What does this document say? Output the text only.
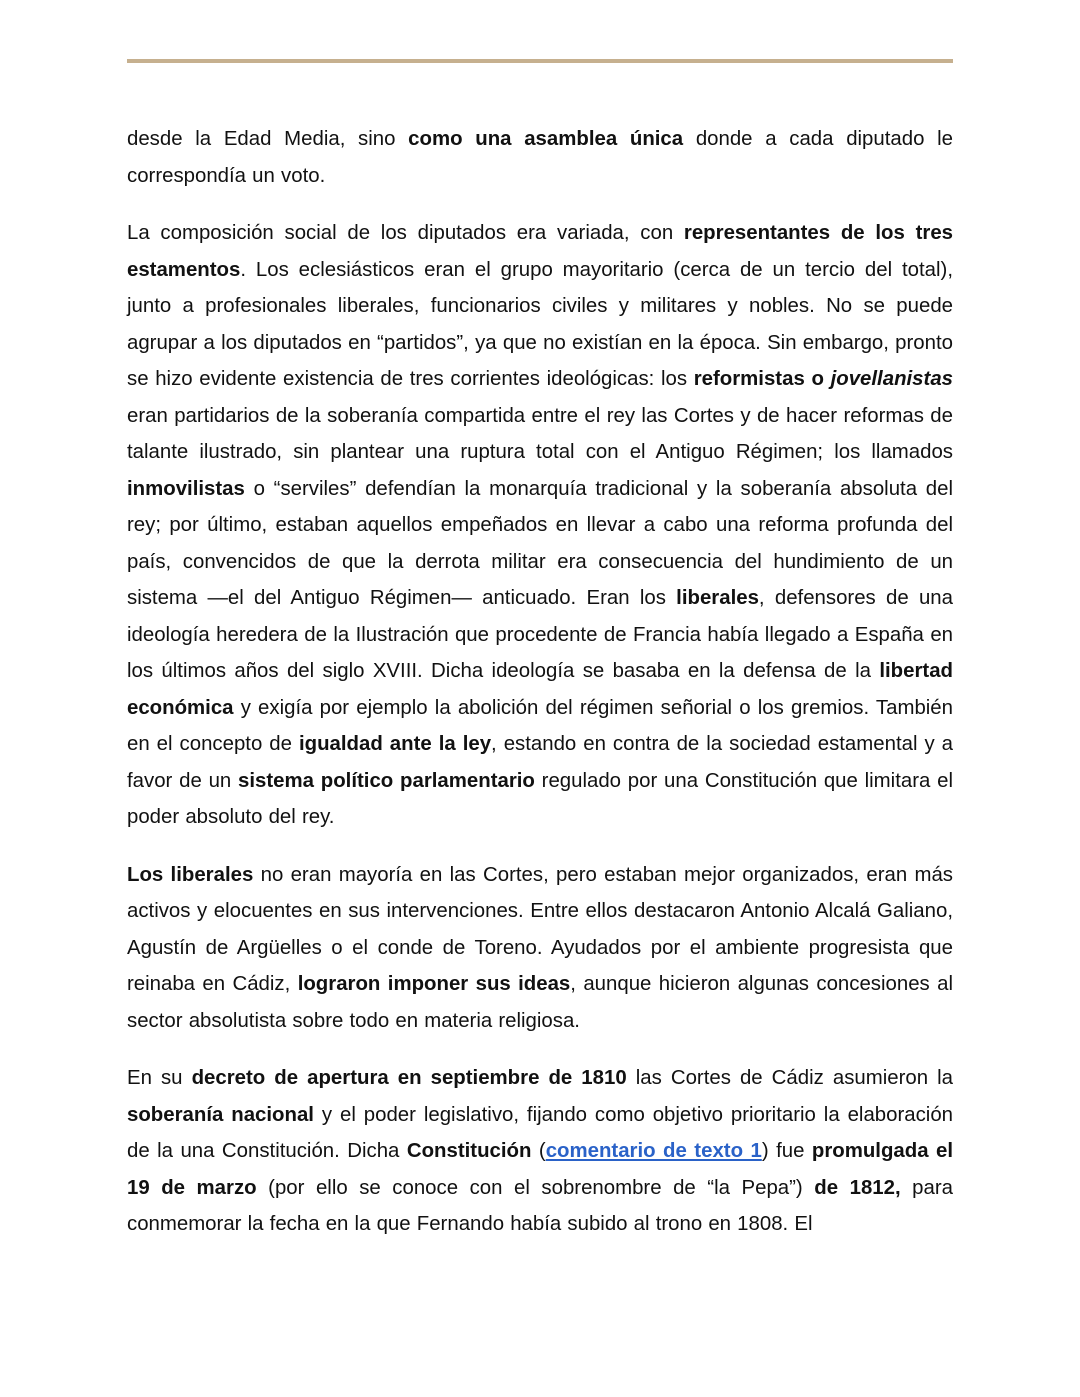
desde la Edad Media, sino como una asamblea única donde a cada diputado le correspondía un voto.

La composición social de los diputados era variada, con representantes de los tres estamentos. Los eclesiásticos eran el grupo mayoritario (cerca de un tercio del total), junto a profesionales liberales, funcionarios civiles y militares y nobles. No se puede agrupar a los diputados en “partidos”, ya que no existían en la época. Sin embargo, pronto se hizo evidente existencia de tres corrientes ideológicas: los reformistas o jovellanistas eran partidarios de la soberanía compartida entre el rey las Cortes y de hacer reformas de talante ilustrado, sin plantear una ruptura total con el Antiguo Régimen; los llamados inmovilistas o “serviles” defendían la monarquía tradicional y la soberanía absoluta del rey; por último, estaban aquellos empeñados en llevar a cabo una reforma profunda del país, convencidos de que la derrota militar era consecuencia del hundimiento de un sistema —el del Antiguo Régimen— anticuado. Eran los liberales, defensores de una ideología heredera de la Ilustración que procedente de Francia había llegado a España en los últimos años del siglo XVIII. Dicha ideología se basaba en la defensa de la libertad económica y exigía por ejemplo la abolición del régimen señorial o los gremios. También en el concepto de igualdad ante la ley, estando en contra de la sociedad estamental y a favor de un sistema político parlamentario regulado por una Constitución que limitara el poder absoluto del rey.

Los liberales no eran mayoría en las Cortes, pero estaban mejor organizados, eran más activos y elocuentes en sus intervenciones. Entre ellos destacaron Antonio Alcalá Galiano, Agustín de Argüelles o el conde de Toreno. Ayudados por el ambiente progresista que reinaba en Cádiz, lograron imponer sus ideas, aunque hicieron algunas concesiones al sector absolutista sobre todo en materia religiosa.

En su decreto de apertura en septiembre de 1810 las Cortes de Cádiz asumieron la soberanía nacional y el poder legislativo, fijando como objetivo prioritario la elaboración de la una Constitución. Dicha Constitución (comentario de texto 1) fue promulgada el 19 de marzo (por ello se conoce con el sobrenombre de “la Pepa”) de 1812, para conmemorar la fecha en la que Fernando había subido al trono en 1808. El
